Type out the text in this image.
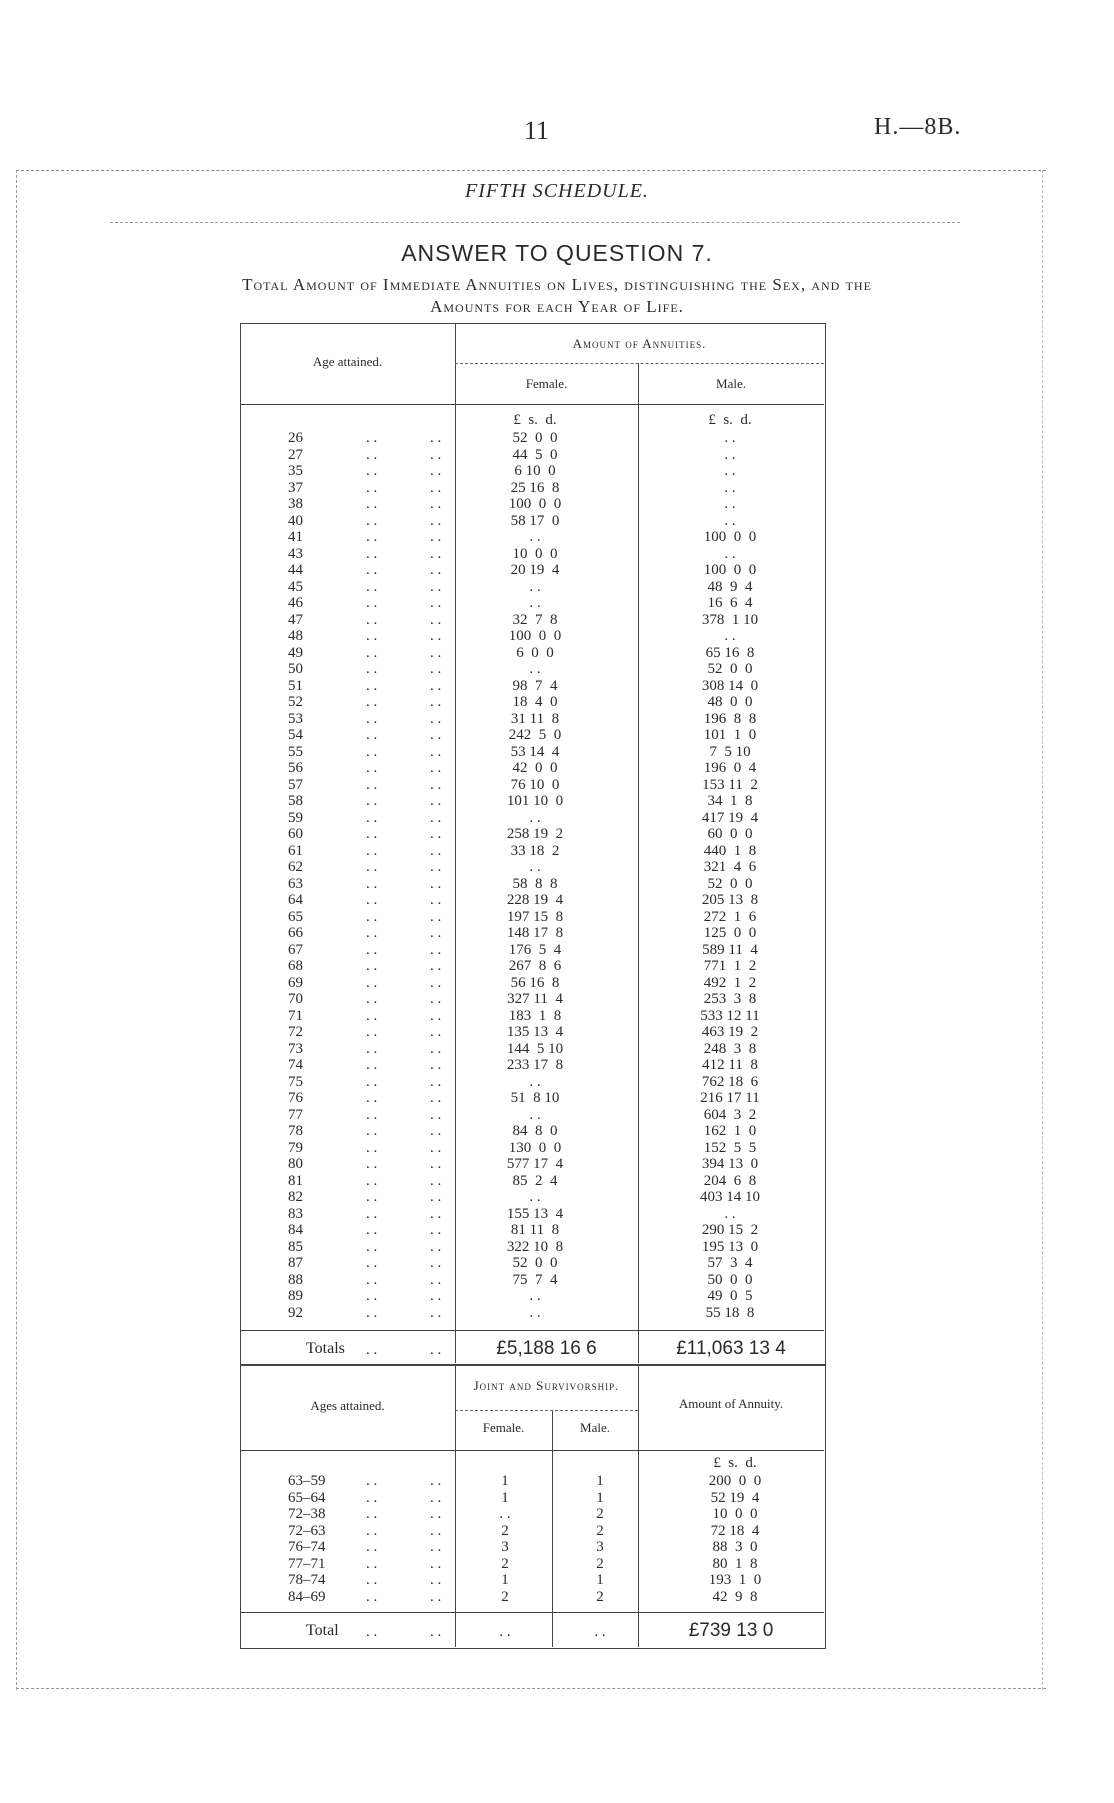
11	H.—8B.
FIFTH SCHEDULE.
ANSWER TO QUESTION 7.
Total Amount of Immediate Annuities on Lives, distinguishing the Sex, and the
Amounts for each Year of Life.
Age attained.
Amount of Annuities.
Female.	Male.
£  s.  d.	£  s.  d.
26	. .	. .	52  0  0	. .
27	. .	. .	44  5  0	. .
35	. .	. .	6 10  0	. .
37	. .	. .	25 16  8	. .
38	. .	. .	100  0  0	. .
40	. .	. .	58 17  0	. .
41	. .	. .	. .	100  0  0
43	. .	. .	10  0  0	. .
44	. .	. .	20 19  4	100  0  0
45	. .	. .	. .	48  9  4
46	. .	. .	. .	16  6  4
47	. .	. .	32  7  8	378  1 10
48	. .	. .	100  0  0	. .
49	. .	. .	6  0  0	65 16  8
50	. .	. .	. .	52  0  0
51	. .	. .	98  7  4	308 14  0
52	. .	. .	18  4  0	48  0  0
53	. .	. .	31 11  8	196  8  8
54	. .	. .	242  5  0	101  1  0
55	. .	. .	53 14  4	7  5 10
56	. .	. .	42  0  0	196  0  4
57	. .	. .	76 10  0	153 11  2
58	. .	. .	101 10  0	34  1  8
59	. .	. .	. .	417 19  4
60	. .	. .	258 19  2	60  0  0
61	. .	. .	33 18  2	440  1  8
62	. .	. .	. .	321  4  6
63	. .	. .	58  8  8	52  0  0
64	. .	. .	228 19  4	205 13  8
65	. .	. .	197 15  8	272  1  6
66	. .	. .	148 17  8	125  0  0
67	. .	. .	176  5  4	589 11  4
68	. .	. .	267  8  6	771  1  2
69	. .	. .	56 16  8	492  1  2
70	. .	. .	327 11  4	253  3  8
71	. .	. .	183  1  8	533 12 11
72	. .	. .	135 13  4	463 19  2
73	. .	. .	144  5 10	248  3  8
74	. .	. .	233 17  8	412 11  8
75	. .	. .	. .	762 18  6
76	. .	. .	51  8 10	216 17 11
77	. .	. .	. .	604  3  2
78	. .	. .	84  8  0	162  1  0
79	. .	. .	130  0  0	152  5  5
80	. .	. .	577 17  4	394 13  0
81	. .	. .	85  2  4	204  6  8
82	. .	. .	. .	403 14 10
83	. .	. .	155 13  4	. .
84	. .	. .	81 11  8	290 15  2
85	. .	. .	322 10  8	195 13  0
87	. .	. .	52  0  0	57  3  4
88	. .	. .	75  7  4	50  0  0
89	. .	. .	. .	49  0  5
92	. .	. .	. .	55 18  8
Totals . .	. .	£5,188 16 6	£11,063 13 4
Ages attained.
Joint and Survivorship.
Female.	Male.
Amount of Annuity.
£  s.  d.
63–59	. .	. .	1	1	200  0  0
65–64	. .	. .	1	1	52 19  4
72–38	. .	. .	. .	2	10  0  0
72–63	. .	. .	2	2	72 18  4
76–74	. .	. .	3	3	88  3  0
77–71	. .	. .	2	2	80  1  8
78–74	. .	. .	1	1	193  1  0
84–69	. .	. .	2	2	42  9  8
Total . .	. .	. .	. .	£739 13 0
